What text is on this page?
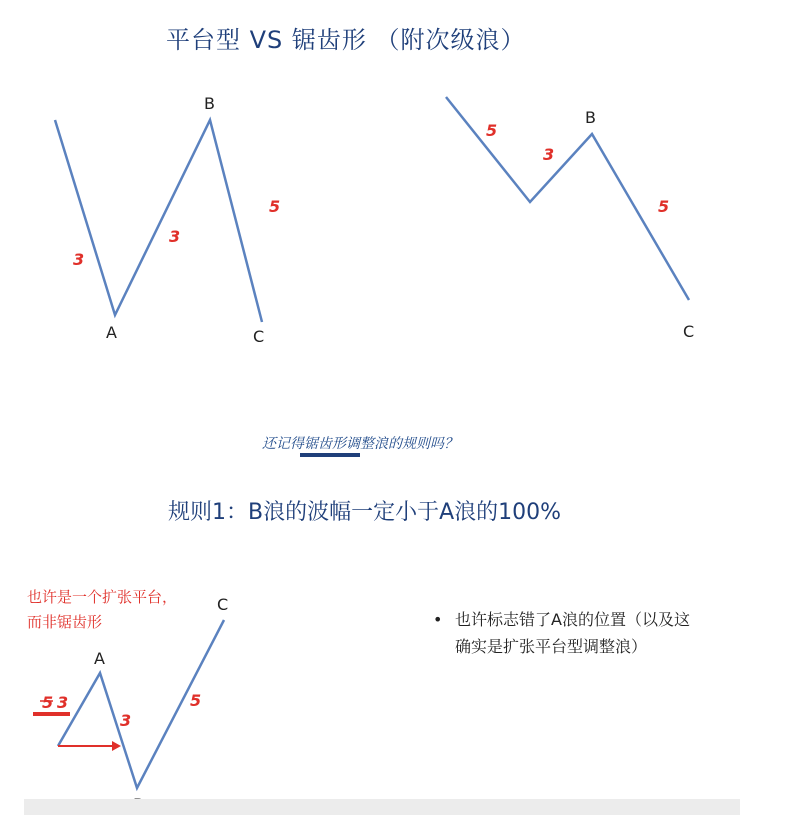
平台型 VS 锯齿形 （附次级浪）
A
B
C
3
3
5
B
C
5
3
5
还记得锯齿形调整浪的规则吗？
规则1：B浪的波幅一定小于A浪的100%
也许是一个扩张平台，
而非锯齿形	• 也许标志错了A浪的位置（以及这
确实是扩张平台型调整浪）
5 3
3
5
A
C
